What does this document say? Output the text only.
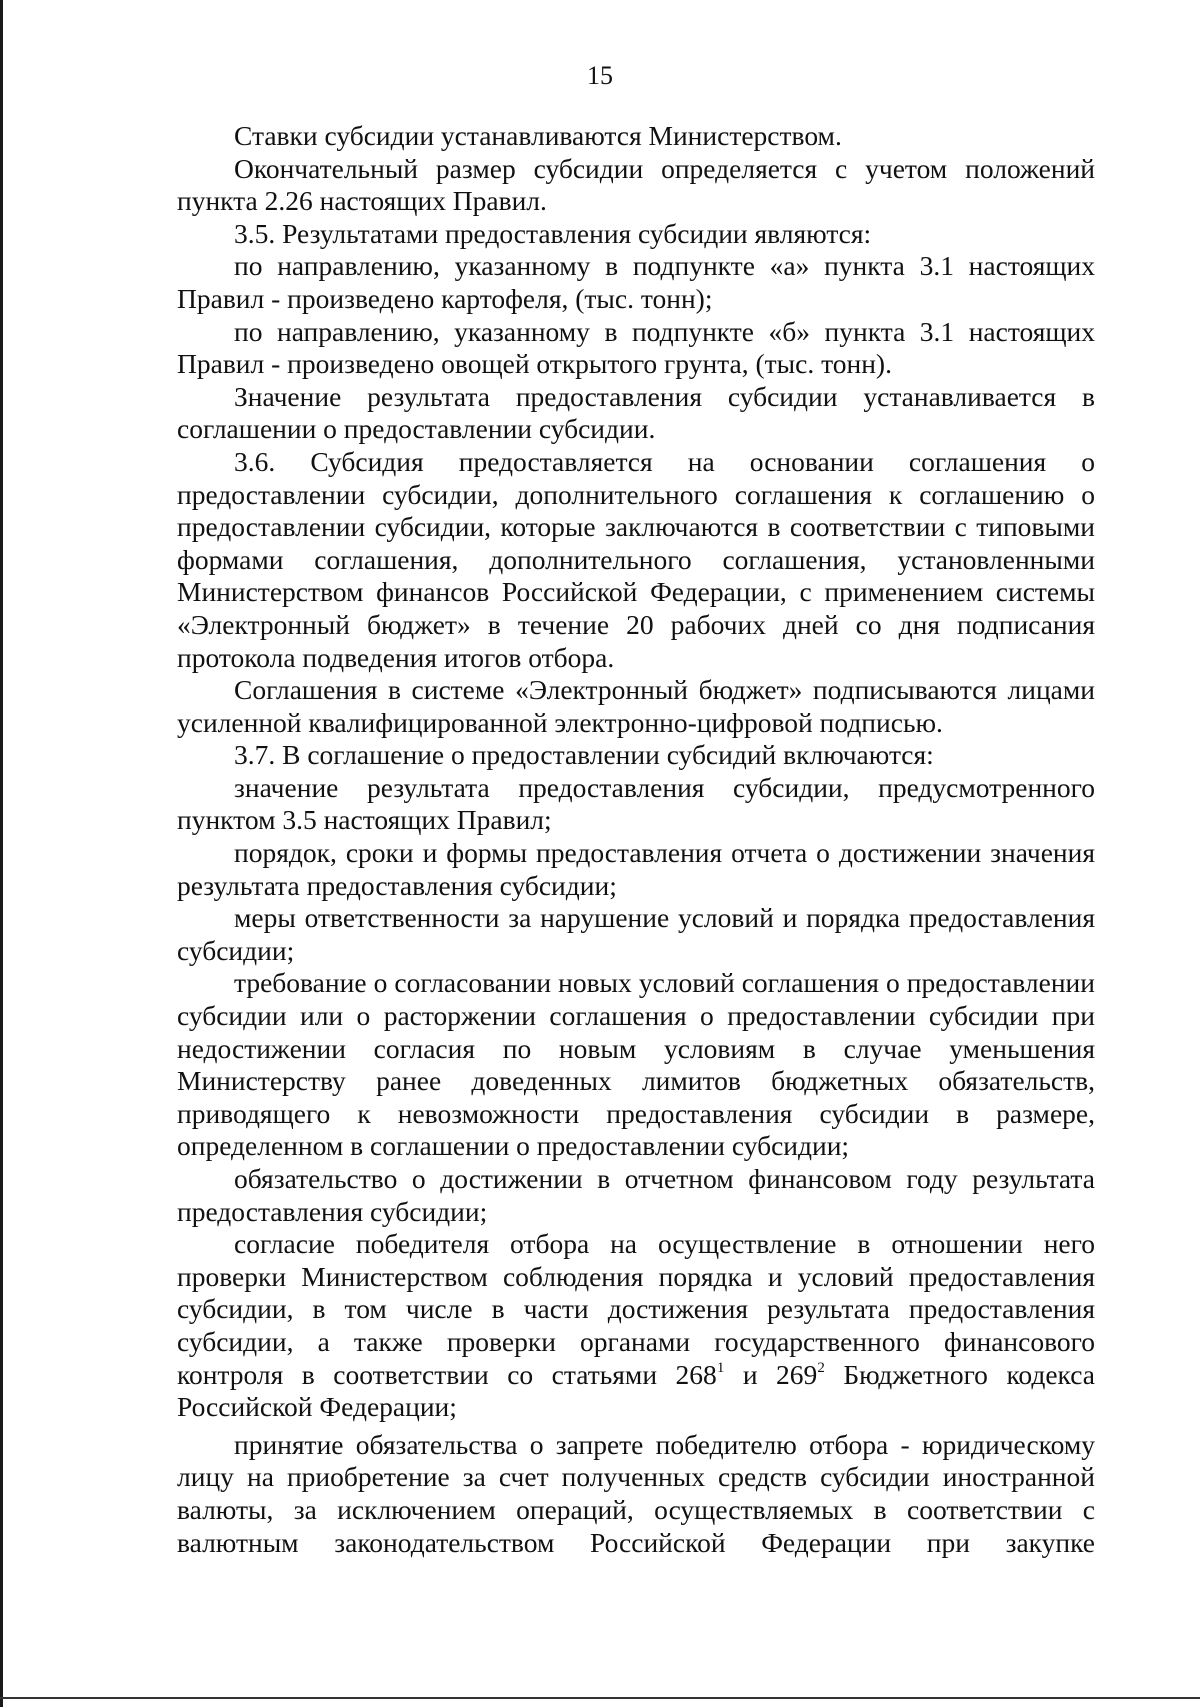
15

Ставки субсидии устанавливаются Министерством.

Окончательный размер субсидии определяется с учетом положений пункта 2.26 настоящих Правил.

3.5. Результатами предоставления субсидии являются:

по направлению, указанному в подпункте «а» пункта 3.1 настоящих Правил - произведено картофеля, (тыс. тонн);

по направлению, указанному в подпункте «б» пункта 3.1 настоящих Правил - произведено овощей открытого грунта, (тыс. тонн).

Значение результата предоставления субсидии устанавливается в соглашении о предоставлении субсидии.

3.6. Субсидия предоставляется на основании соглашения о предоставлении субсидии, дополнительного соглашения к соглашению о предоставлении субсидии, которые заключаются в соответствии с типовыми формами соглашения, дополнительного соглашения, установленными Министерством финансов Российской Федерации, с применением системы «Электронный бюджет» в течение 20 рабочих дней со дня подписания протокола подведения итогов отбора.

Соглашения в системе «Электронный бюджет» подписываются лицами усиленной квалифицированной электронно-цифровой подписью.

3.7. В соглашение о предоставлении субсидий включаются:

значение результата предоставления субсидии, предусмотренного пунктом 3.5 настоящих Правил;

порядок, сроки и формы предоставления отчета о достижении значения результата предоставления субсидии;

меры ответственности за нарушение условий и порядка предоставления субсидии;

требование о согласовании новых условий соглашения о предоставлении субсидии или о расторжении соглашения о предоставлении субсидии при недостижении согласия по новым условиям в случае уменьшения Министерству ранее доведенных лимитов бюджетных обязательств, приводящего к невозможности предоставления субсидии в размере, определенном в соглашении о предоставлении субсидии;

обязательство о достижении в отчетном финансовом году результата предоставления субсидии;

согласие победителя отбора на осуществление в отношении него проверки Министерством соблюдения порядка и условий предоставления субсидии, в том числе в части достижения результата предоставления субсидии, а также проверки органами государственного финансового контроля в соответствии со статьями $268^1$ и $269^2$ Бюджетного кодекса Российской Федерации;

принятие обязательства о запрете победителю отбора - юридическому лицу на приобретение за счет полученных средств субсидии иностранной валюты, за исключением операций, осуществляемых в соответствии с валютным законодательством Российской Федерации при закупке
